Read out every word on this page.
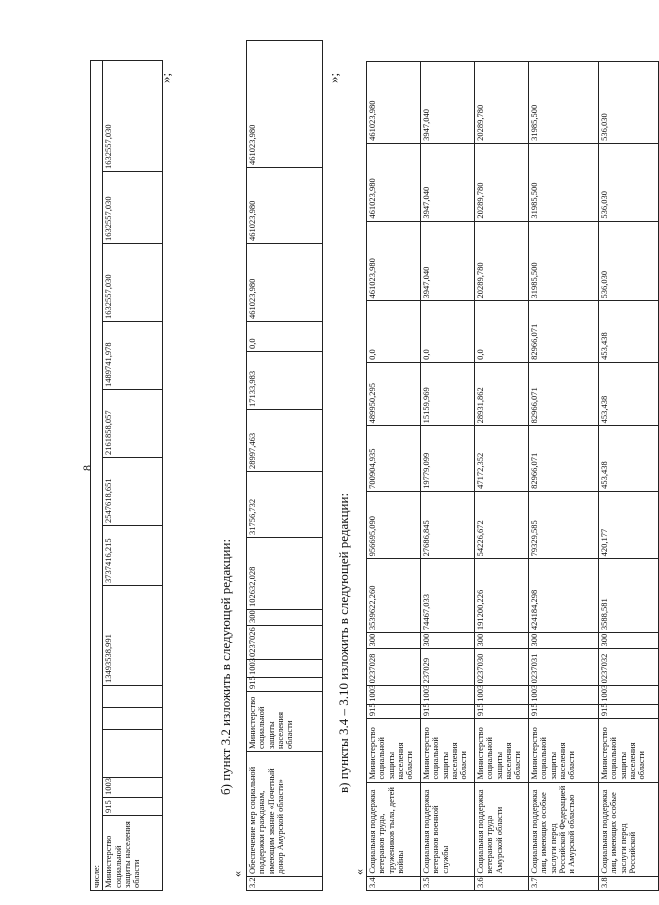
8
числе:
Министерство социальной защиты населения области	915	1003				13493538,991	3737416,215	2547618,651	2161858,057	1489741,978	1632557,030	1632557,030	1632557,030
»;
б) пункт 3.2 изложить в следующей редакции:
«
3.2	Обеспечение мер социальной поддержки гражданам, имеющим звание «Почетный донор Амурской области»	Министерство социальной защиты населения области	915	1003	0237026	300	102632,028	31756,732	28997,463	17133,983	0,0	461023,980	461023,980	461023,980
»;
в) пункты 3.4 – 3.10 изложить в следующей редакции:
«
3.4	Социальная поддержка ветеранов труда, тружеников тыла, детей войны	Министерство социальной защиты населения области	915	1003	0237028	300	3539622,260	956695,090	700904,935	489950,295	0,0	461023,980	461023,980	461023,980
3.5	Социальная поддержка ветеранов военной службы	Министерство социальной защиты населения области	915	1003	237029	300	74467,033	27686,845	19779,099	15159,969	0,0	3947,040	3947,040	3947,040
3.6	Социальная поддержка ветеранов труда Амурской области	Министерство социальной защиты населения области	915	1003	0237030	300	191200,226	54226,672	47172,352	28931,862	0,0	20289,780	20289,780	20289,780
3.7	Социальная поддержка лиц, имеющих особые заслуги перед Российской Федерацией и Амурской областью	Министерство социальной защиты населения области	915	1003	0237031	300	424184,298	79329,585	82966,071	82966,071	82966,071	31985,500	31985,500	31985,500
3.8	Социальная поддержка лиц, имеющих особые заслуги перед Российской	Министерство социальной защиты населения области	915	1003	0237032	300	3588,581	420,177	453,438	453,438	453,438	536,030	536,030	536,030
